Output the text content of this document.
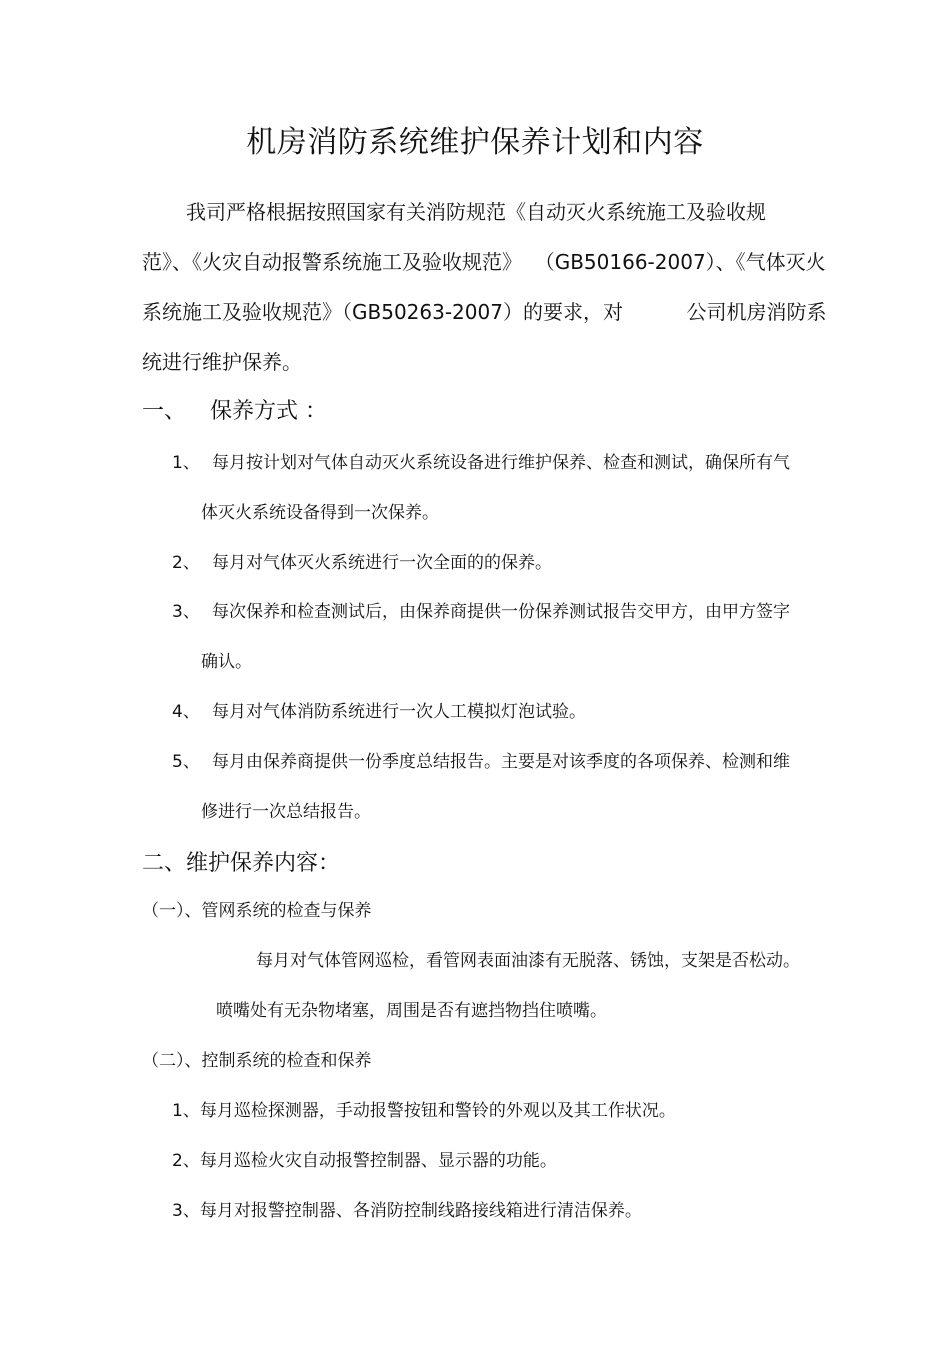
机房消防系统维护保养计划和内容
我司严格根据按照国家有关消防规范《自动灭火系统施工及验收规
范》、《火灾自动报警系统施工及验收规范》  （GB50166-2007）、《气体灭火
系统施工及验收规范》（GB50263-2007）的要求，对          公司机房消防系
统进行维护保养。
一、 保养方式 ：
1、 每月按计划对气体自动灭火系统设备进行维护保养、检查和测试，确保所有气
体灭火系统设备得到一次保养。
2、 每月对气体灭火系统进行一次全面的的保养。
3、 每次保养和检查测试后，由保养商提供一份保养测试报告交甲方，由甲方签字
确认。
4、 每月对气体消防系统进行一次人工模拟灯泡试验。
5、 每月由保养商提供一份季度总结报告。主要是对该季度的各项保养、检测和维
修进行一次总结报告。
二、维护保养内容：
（一）、管网系统的检查与保养
每月对气体管网巡检，看管网表面油漆有无脱落、锈蚀，支架是否松动。
喷嘴处有无杂物堵塞，周围是否有遮挡物挡住喷嘴。
（二）、控制系统的检查和保养
1、每月巡检探测器，手动报警按钮和警铃的外观以及其工作状况。
2、每月巡检火灾自动报警控制器、显示器的功能。
3、每月对报警控制器、各消防控制线路接线箱进行清洁保养。
